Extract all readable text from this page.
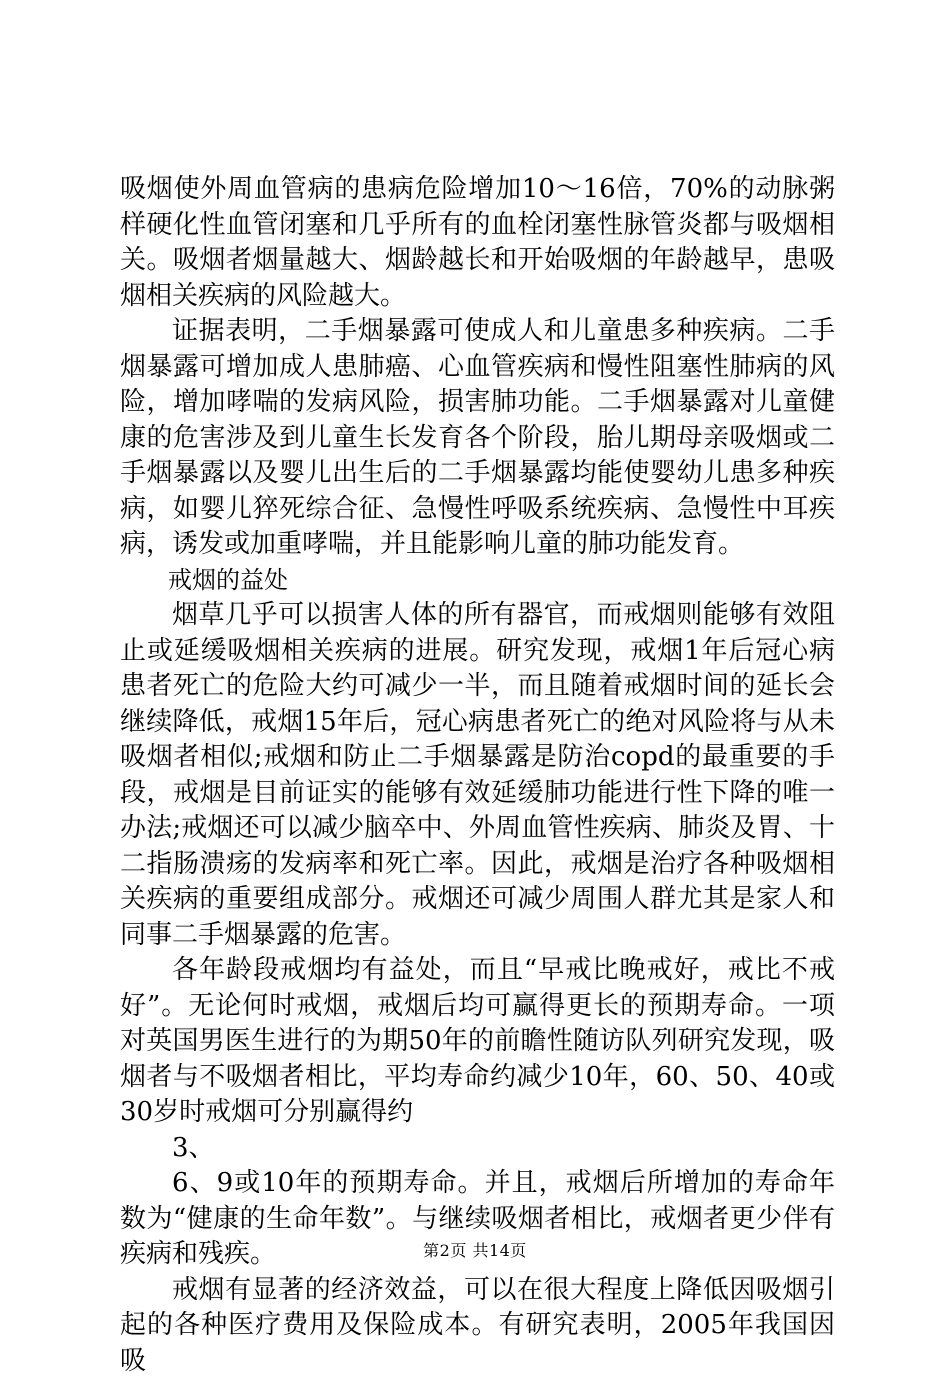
吸烟使外周血管病的患病危险增加10～16倍，70%的动脉粥样硬化性血管闭塞和几乎所有的血栓闭塞性脉管炎都与吸烟相关。吸烟者烟量越大、烟龄越长和开始吸烟的年龄越早，患吸烟相关疾病的风险越大。

证据表明，二手烟暴露可使成人和儿童患多种疾病。二手烟暴露可增加成人患肺癌、心血管疾病和慢性阻塞性肺病的风险，增加哮喘的发病风险，损害肺功能。二手烟暴露对儿童健康的危害涉及到儿童生长发育各个阶段，胎儿期母亲吸烟或二手烟暴露以及婴儿出生后的二手烟暴露均能使婴幼儿患多种疾病，如婴儿猝死综合征、急慢性呼吸系统疾病、急慢性中耳疾病，诱发或加重哮喘，并且能影响儿童的肺功能发育。

戒烟的益处

烟草几乎可以损害人体的所有器官，而戒烟则能够有效阻止或延缓吸烟相关疾病的进展。研究发现，戒烟1年后冠心病患者死亡的危险大约可减少一半，而且随着戒烟时间的延长会继续降低，戒烟15年后，冠心病患者死亡的绝对风险将与从未吸烟者相似;戒烟和防止二手烟暴露是防治copd的最重要的手段，戒烟是目前证实的能够有效延缓肺功能进行性下降的唯一办法;戒烟还可以减少脑卒中、外周血管性疾病、肺炎及胃、十二指肠溃疡的发病率和死亡率。因此，戒烟是治疗各种吸烟相关疾病的重要组成部分。戒烟还可减少周围人群尤其是家人和同事二手烟暴露的危害。

各年龄段戒烟均有益处，而且“早戒比晚戒好，戒比不戒好”。无论何时戒烟，戒烟后均可赢得更长的预期寿命。一项对英国男医生进行的为期50年的前瞻性随访队列研究发现，吸烟者与不吸烟者相比，平均寿命约减少10年，60、50、40或30岁时戒烟可分别赢得约

3、

6、9或10年的预期寿命。并且，戒烟后所增加的寿命年数为“健康的生命年数”。与继续吸烟者相比，戒烟者更少伴有疾病和残疾。

戒烟有显著的经济效益，可以在很大程度上降低因吸烟引起的各种医疗费用及保险成本。有研究表明，2005年我国因吸

第2页 共14页
